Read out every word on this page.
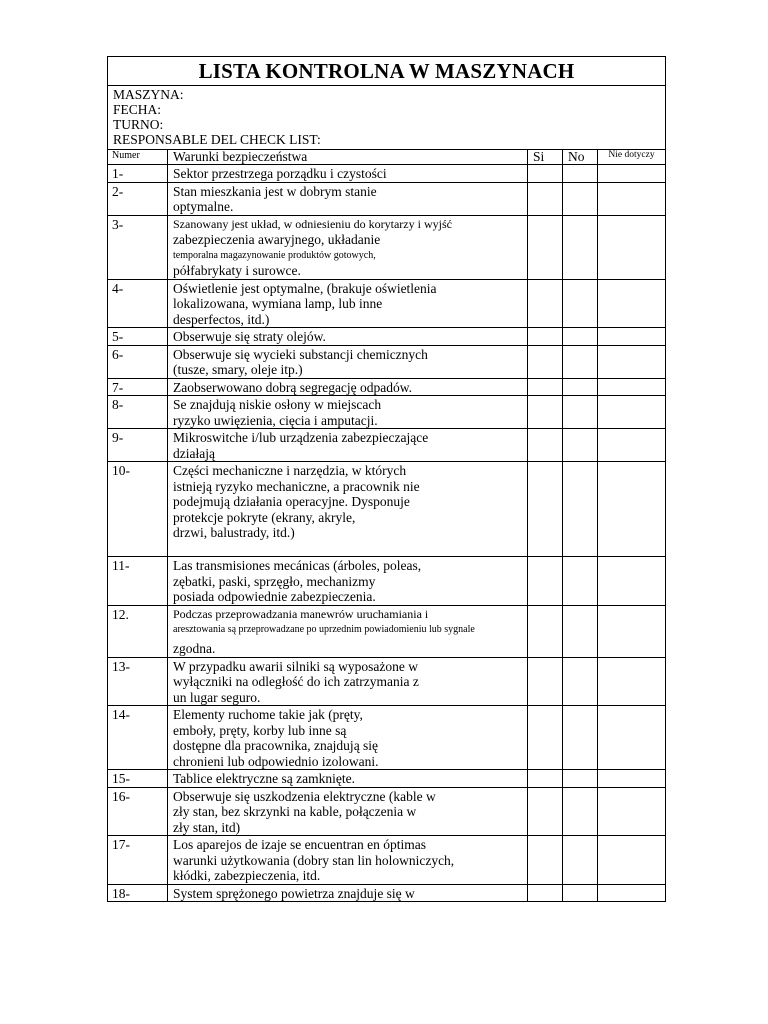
LISTA KONTROLNA W MASZYNACH				

MASZYNA:
FECHA:
TURNO:
RESPONSABLE DEL CHECK LIST:				

Numer	Warunki bezpieczeństwa	Si	No	Nie dotyczy
1-	Sektor przestrzega porządku i czystości			

2-	Stan mieszkania jest w dobrym stanie
optymalne.			

3-	Szanowany jest układ, w odniesieniu do korytarzy i wyjść
zabezpieczenia awaryjnego, układanie
temporalna magazynowanie produktów gotowych,
półfabrykaty i surowce.			

4-	Oświetlenie jest optymalne, (brakuje oświetlenia
lokalizowana, wymiana lamp, lub inne
desperfectos, itd.)			

5-	Obserwuje się straty olejów.			

6-	Obserwuje się wycieki substancji chemicznych
(tusze, smary, oleje itp.)			

7-	Zaobserwowano dobrą segregację odpadów.			

8-	Se znajdują niskie osłony w miejscach
ryzyko uwięzienia, cięcia i amputacji.			

9-	Mikroswitche i/lub urządzenia zabezpieczające
działają			

10-	Części mechaniczne i narzędzia, w których
istnieją ryzyko mechaniczne, a pracownik nie
podejmują działania operacyjne. Dysponuje
protekcje pokryte (ekrany, akryle,
drzwi, balustrady, itd.)			

11-	Las transmisiones mecánicas (árboles, poleas,
zębatki, paski, sprzęgło, mechanizmy
posiada odpowiednie zabezpieczenia.			

12.	Podczas przeprowadzania manewrów uruchamiania i
aresztowania są przeprowadzane po uprzednim powiadomieniu lub sygnale
zgodna.			

13-	W przypadku awarii silniki są wyposażone w
wyłączniki na odległość do ich zatrzymania z
un lugar seguro.			

14-	Elementy ruchome takie jak (pręty,
emboły, pręty, korby lub inne są
dostępne dla pracownika, znajdują się
chronieni lub odpowiednio izolowani.			

15-	Tablice elektryczne są zamknięte.			

16-	Obserwuje się uszkodzenia elektryczne (kable w
zły stan, bez skrzynki na kable, połączenia w
zły stan, itd)			

17-	Los aparejos de izaje se encuentran en óptimas
warunki użytkowania (dobry stan lin holowniczych,
kłódki, zabezpieczenia, itd.			

18-	System sprężonego powietrza znajduje się w			
